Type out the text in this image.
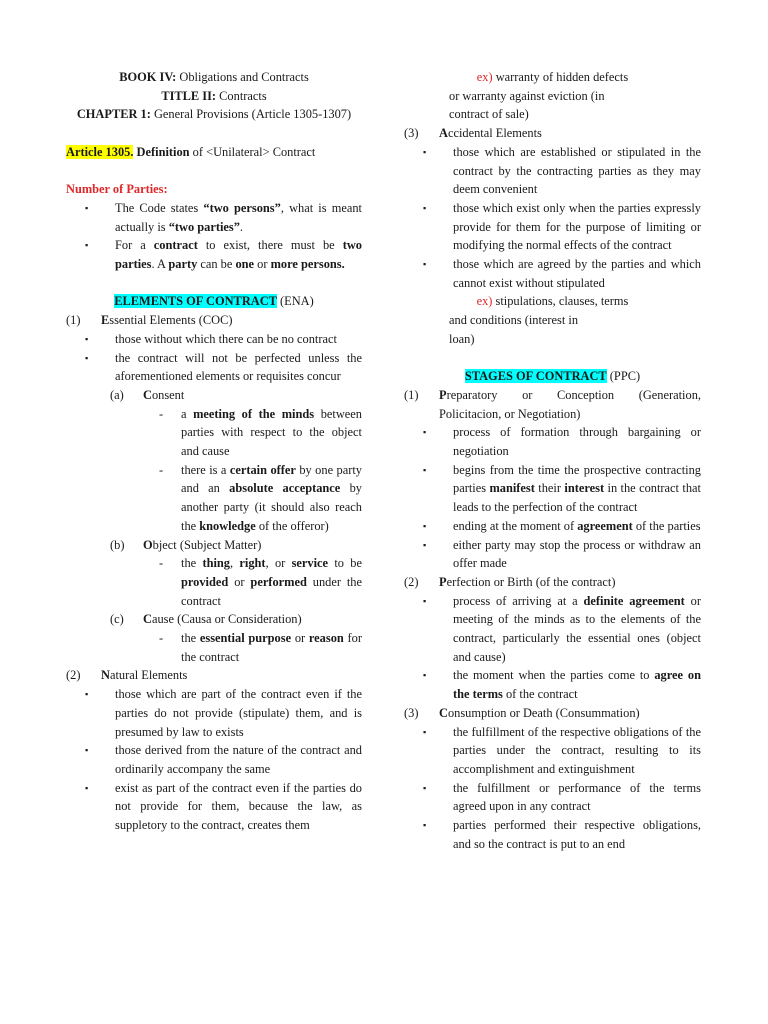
BOOK IV: Obligations and Contracts
TITLE II: Contracts
CHAPTER 1: General Provisions (Article 1305-1307)
Article 1305. Definition of <Unilateral> Contract
Number of Parties:
▪ The Code states “two persons”, what is meant actually is “two parties”.
▪ For a contract to exist, there must be two parties. A party can be one or more persons.
ELEMENTS OF CONTRACT (ENA)
(1) Essential Elements (COC)
▪ those without which there can be no contract
▪ the contract will not be perfected unless the aforementioned elements or requisites concur
(a) Consent
- a meeting of the minds between parties with respect to the object and cause
- there is a certain offer by one party and an absolute acceptance by another party (it should also reach the knowledge of the offeror)
(b) Object (Subject Matter)
- the thing, right, or service to be provided or performed under the contract
(c) Cause (Causa or Consideration)
- the essential purpose or reason for the contract
(2) Natural Elements
▪ those which are part of the contract even if the parties do not provide (stipulate) them, and is presumed by law to exists
▪ those derived from the nature of the contract and ordinarily accompany the same
▪ exist as part of the contract even if the parties do not provide for them, because the law, as suppletory to the contract, creates them
ex) warranty of hidden defects
or warranty against eviction (in
contract of sale)
(3) Accidental Elements
▪ those which are established or stipulated in the contract by the contracting parties as they may deem convenient
▪ those which exist only when the parties expressly provide for them for the purpose of limiting or modifying the normal effects of the contract
▪ those which are agreed by the parties and which cannot exist without stipulated
ex) stipulations, clauses, terms
and conditions (interest in
loan)
STAGES OF CONTRACT (PPC)
(1) Preparatory or Conception (Generation, Policitacion, or Negotiation)
▪ process of formation through bargaining or negotiation
▪ begins from the time the prospective contracting parties manifest their interest in the contract that leads to the perfection of the contract
▪ ending at the moment of agreement of the parties
▪ either party may stop the process or withdraw an offer made
(2) Perfection or Birth (of the contract)
▪ process of arriving at a definite agreement or meeting of the minds as to the elements of the contract, particularly the essential ones (object and cause)
▪ the moment when the parties come to agree on the terms of the contract
(3) Consumption or Death (Consummation)
▪ the fulfillment of the respective obligations of the parties under the contract, resulting to its accomplishment and extinguishment
▪ the fulfillment or performance of the terms agreed upon in any contract
▪ parties performed their respective obligations, and so the contract is put to an end
